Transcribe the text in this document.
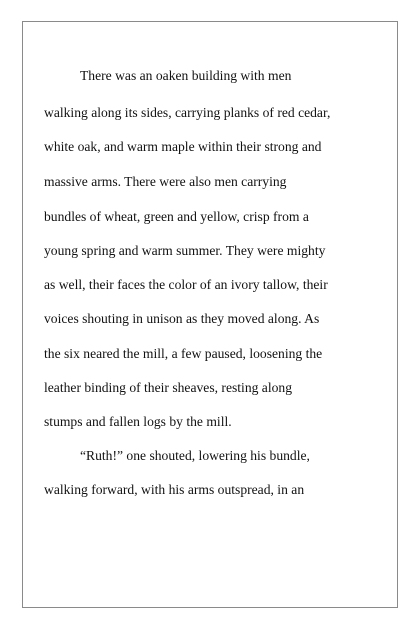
There was an oaken building with men
walking along its sides, carrying planks of red cedar,
white oak, and warm maple within their strong and
massive arms. There were also men carrying
bundles of wheat, green and yellow, crisp from a
young spring and warm summer. They were mighty
as well, their faces the color of an ivory tallow, their
voices shouting in unison as they moved along. As
the six neared the mill, a few paused, loosening the
leather binding of their sheaves, resting along
stumps and fallen logs by the mill.
“Ruth!” one shouted, lowering his bundle,
walking forward, with his arms outspread, in an
